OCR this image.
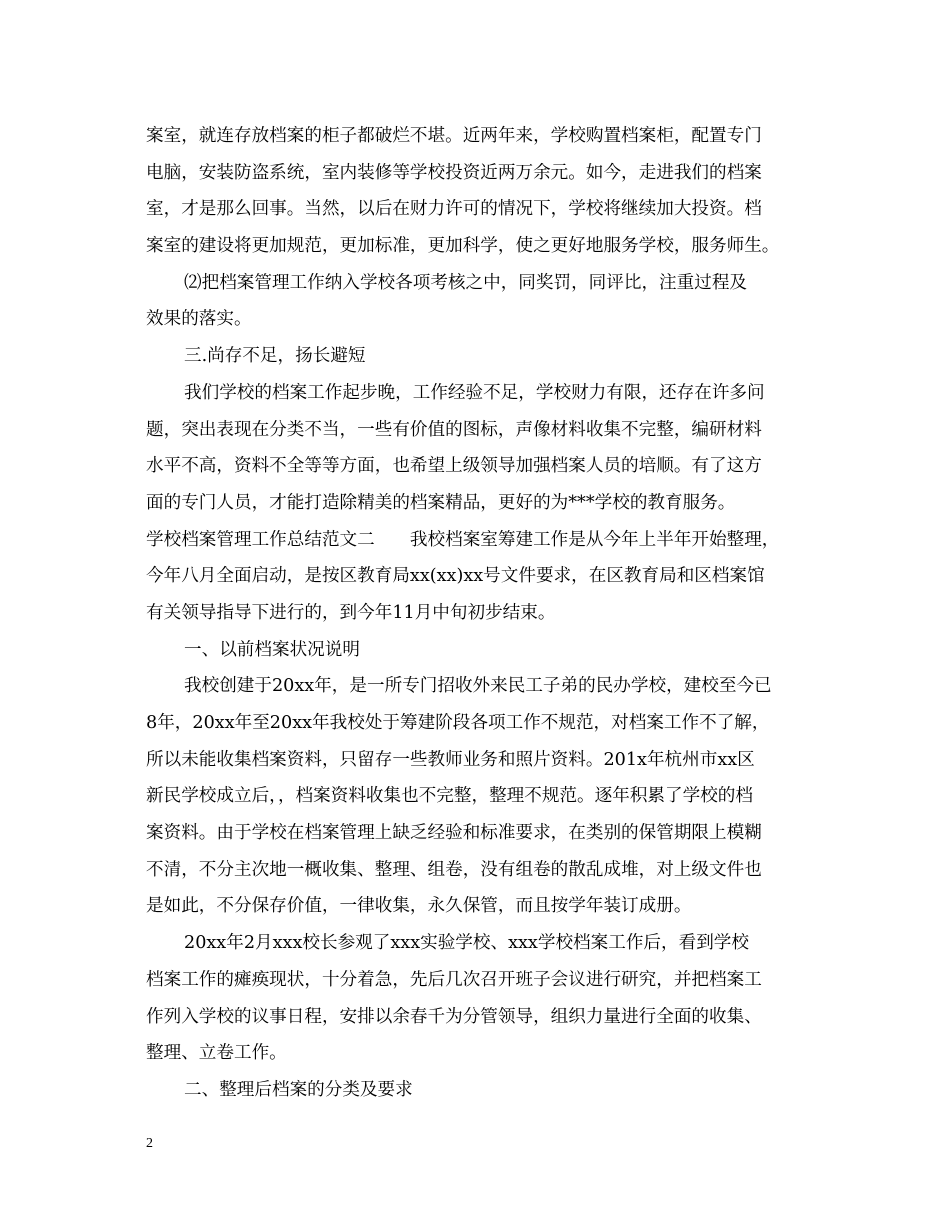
案室，就连存放档案的柜子都破烂不堪。近两年来，学校购置档案柜，配置专门
电脑，安装防盗系统，室内装修等学校投资近两万余元。如今，走进我们的档案
室，才是那么回事。当然，以后在财力许可的情况下，学校将继续加大投资。档
案室的建设将更加规范，更加标准，更加科学，使之更好地服务学校，服务师生。
⑵把档案管理工作纳入学校各项考核之中，同奖罚，同评比，注重过程及
效果的落实。
三.尚存不足，扬长避短
我们学校的档案工作起步晚，工作经验不足，学校财力有限，还存在许多问
题，突出表现在分类不当，一些有价值的图标，声像材料收集不完整，编研材料
水平不高，资料不全等等方面，也希望上级领导加强档案人员的培顺。有了这方
面的专门人员，才能打造除精美的档案精品，更好的为***学校的教育服务。
学校档案管理工作总结范文二　　我校档案室筹建工作是从今年上半年开始整理，
今年八月全面启动，是按区教育局xx(xx)xx号文件要求，在区教育局和区档案馆
有关领导指导下进行的，到今年11月中旬初步结束。
一、以前档案状况说明
我校创建于20xx年，是一所专门招收外来民工子弟的民办学校，建校至今已
8年，20xx年至20xx年我校处于筹建阶段各项工作不规范，对档案工作不了解，
所以未能收集档案资料，只留存一些教师业务和照片资料。201x年杭州市xx区
新民学校成立后，，档案资料收集也不完整，整理不规范。逐年积累了学校的档
案资料。由于学校在档案管理上缺乏经验和标准要求，在类别的保管期限上模糊
不清，不分主次地一概收集、整理、组卷，没有组卷的散乱成堆，对上级文件也
是如此，不分保存价值，一律收集，永久保管，而且按学年装订成册。
20xx年2月xxx校长参观了xxx实验学校、xxx学校档案工作后，看到学校
档案工作的瘫痪现状，十分着急，先后几次召开班子会议进行研究，并把档案工
作列入学校的议事日程，安排以余春千为分管领导，组织力量进行全面的收集、
整理、立卷工作。
二、整理后档案的分类及要求
2
